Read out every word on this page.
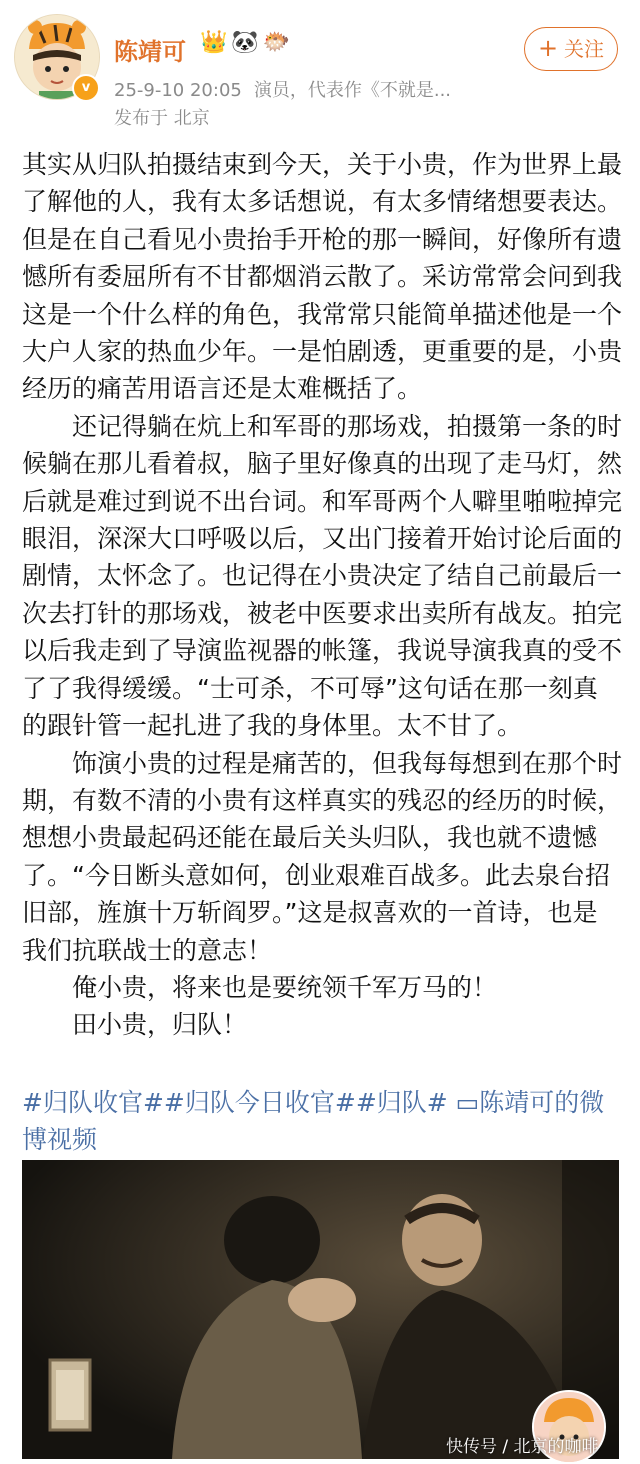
v
陈靖可 👑🐼🐡
25-9-10 20:05 演员，代表作《不就是...
发布于 北京
+ 关注

其实从归队拍摄结束到今天，关于小贵，作为世界上最了解他的人，我有太多话想说，有太多情绪想要表达。但是在自己看见小贵抬手开枪的那一瞬间，好像所有遗憾所有委屈所有不甘都烟消云散了。采访常常会问到我这是一个什么样的角色，我常常只能简单描述他是一个大户人家的热血少年。一是怕剧透，更重要的是，小贵经历的痛苦用语言还是太难概括了。

还记得躺在炕上和军哥的那场戏，拍摄第一条的时候躺在那儿看着叔，脑子里好像真的出现了走马灯，然后就是难过到说不出台词。和军哥两个人噼里啪啦掉完眼泪，深深大口呼吸以后，又出门接着开始讨论后面的剧情，太怀念了。也记得在小贵决定了结自己前最后一次去打针的那场戏，被老中医要求出卖所有战友。拍完以后我走到了导演监视器的帐篷，我说导演我真的受不了了我得缓缓。“士可杀，不可辱”这句话在那一刻真的跟针管一起扎进了我的身体里。太不甘了。

饰演小贵的过程是痛苦的，但我每每想到在那个时期，有数不清的小贵有这样真实的残忍的经历的时候，想想小贵最起码还能在最后关头归队，我也就不遗憾了。“今日断头意如何，创业艰难百战多。此去泉台招旧部，旌旗十万斩阎罗。”这是叔喜欢的一首诗，也是我们抗联战士的意志！

俺小贵，将来也是要统领千军万马的！

田小贵，归队！

#归队收官##归队今日收官##归队# ▭陈靖可的微博视频
快传号 / 北京的咖啡
